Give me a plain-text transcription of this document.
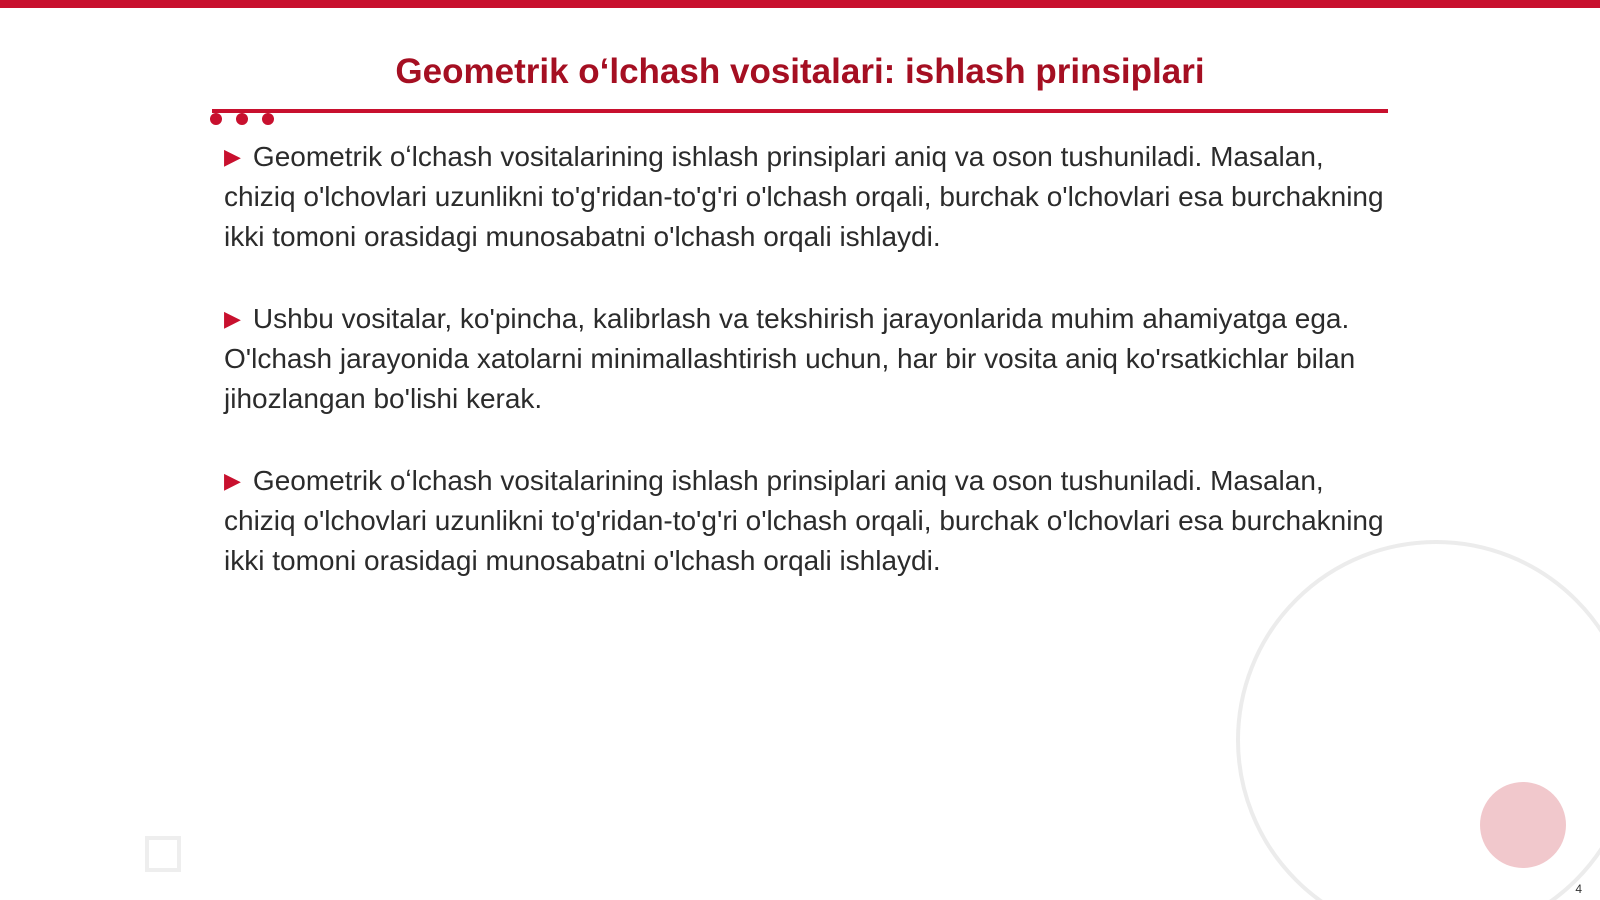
Geometrik oʻlchash vositalari: ishlash prinsiplari

▶ Geometrik oʻlchash vositalarining ishlash prinsiplari aniq va oson tushuniladi. Masalan, chiziq o'lchovlari uzunlikni to'g'ridan-to'g'ri o'lchash orqali, burchak o'lchovlari esa burchakning ikki tomoni orasidagi munosabatni o'lchash orqali ishlaydi.

▶ Ushbu vositalar, ko'pincha, kalibrlash va tekshirish jarayonlarida muhim ahamiyatga ega. O'lchash jarayonida xatolarni minimallashtirish uchun, har bir vosita aniq ko'rsatkichlar bilan jihozlangan bo'lishi kerak.

▶ Geometrik oʻlchash vositalarining ishlash prinsiplari aniq va oson tushuniladi. Masalan, chiziq o'lchovlari uzunlikni to'g'ridan-to'g'ri o'lchash orqali, burchak o'lchovlari esa burchakning ikki tomoni orasidagi munosabatni o'lchash orqali ishlaydi.

4
